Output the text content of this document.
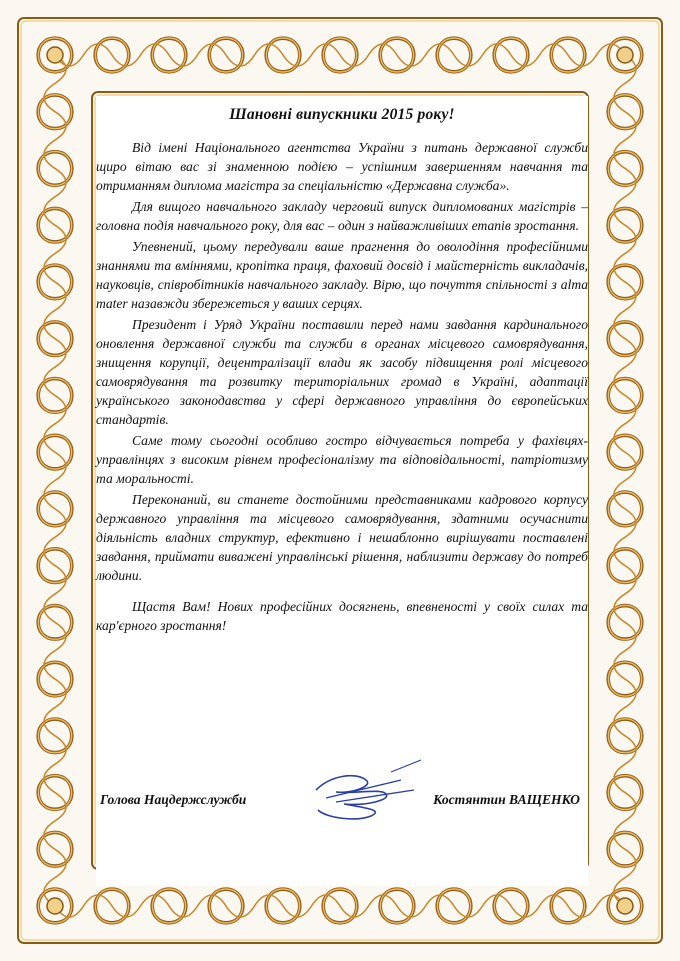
Шановні випускники 2015 року!

Від імені Національного агентства України з питань державної служби щиро вітаю вас зі знаменною подією – успішним завершенням навчання та отриманням диплома магістра за спеціальністю «Державна служба».

Для вищого навчального закладу черговий випуск дипломованих магістрів – головна подія навчального року, для вас – один з найважливіших етапів зростання.

Упевнений, цьому передували ваше прагнення до оволодіння професійними знаннями та вміннями, кропітка праця, фаховий досвід і майстерність викладачів, науковців, співробітників навчального закладу. Вірю, що почуття спільності з alma mater назавжди збережеться у ваших серцях.

Президент і Уряд України поставили перед нами завдання кардинального оновлення державної служби та служби в органах місцевого самоврядування, знищення корупції, децентралізації влади як засобу підвищення ролі місцевого самоврядування та розвитку територіальних громад в Україні, адаптації українського законодавства у сфері державного управління до європейських стандартів.

Саме тому сьогодні особливо гостро відчувається потреба у фахівцях-управлінцях з високим рівнем професіоналізму та відповідальності, патріотизму та моральності.

Переконаний, ви станете достойними представниками кадрового корпусу державного управління та місцевого самоврядування, здатними осучаснити діяльність владних структур, ефективно і нешаблонно вирішувати поставлені завдання, приймати виважені управлінські рішення, наблизити державу до потреб людини.

Щастя Вам! Нових професійних досягнень, впевненості у своїх силах та кар'єрного зростання!

Голова Нацдержслужби	Костянтин ВАЩЕНКО
